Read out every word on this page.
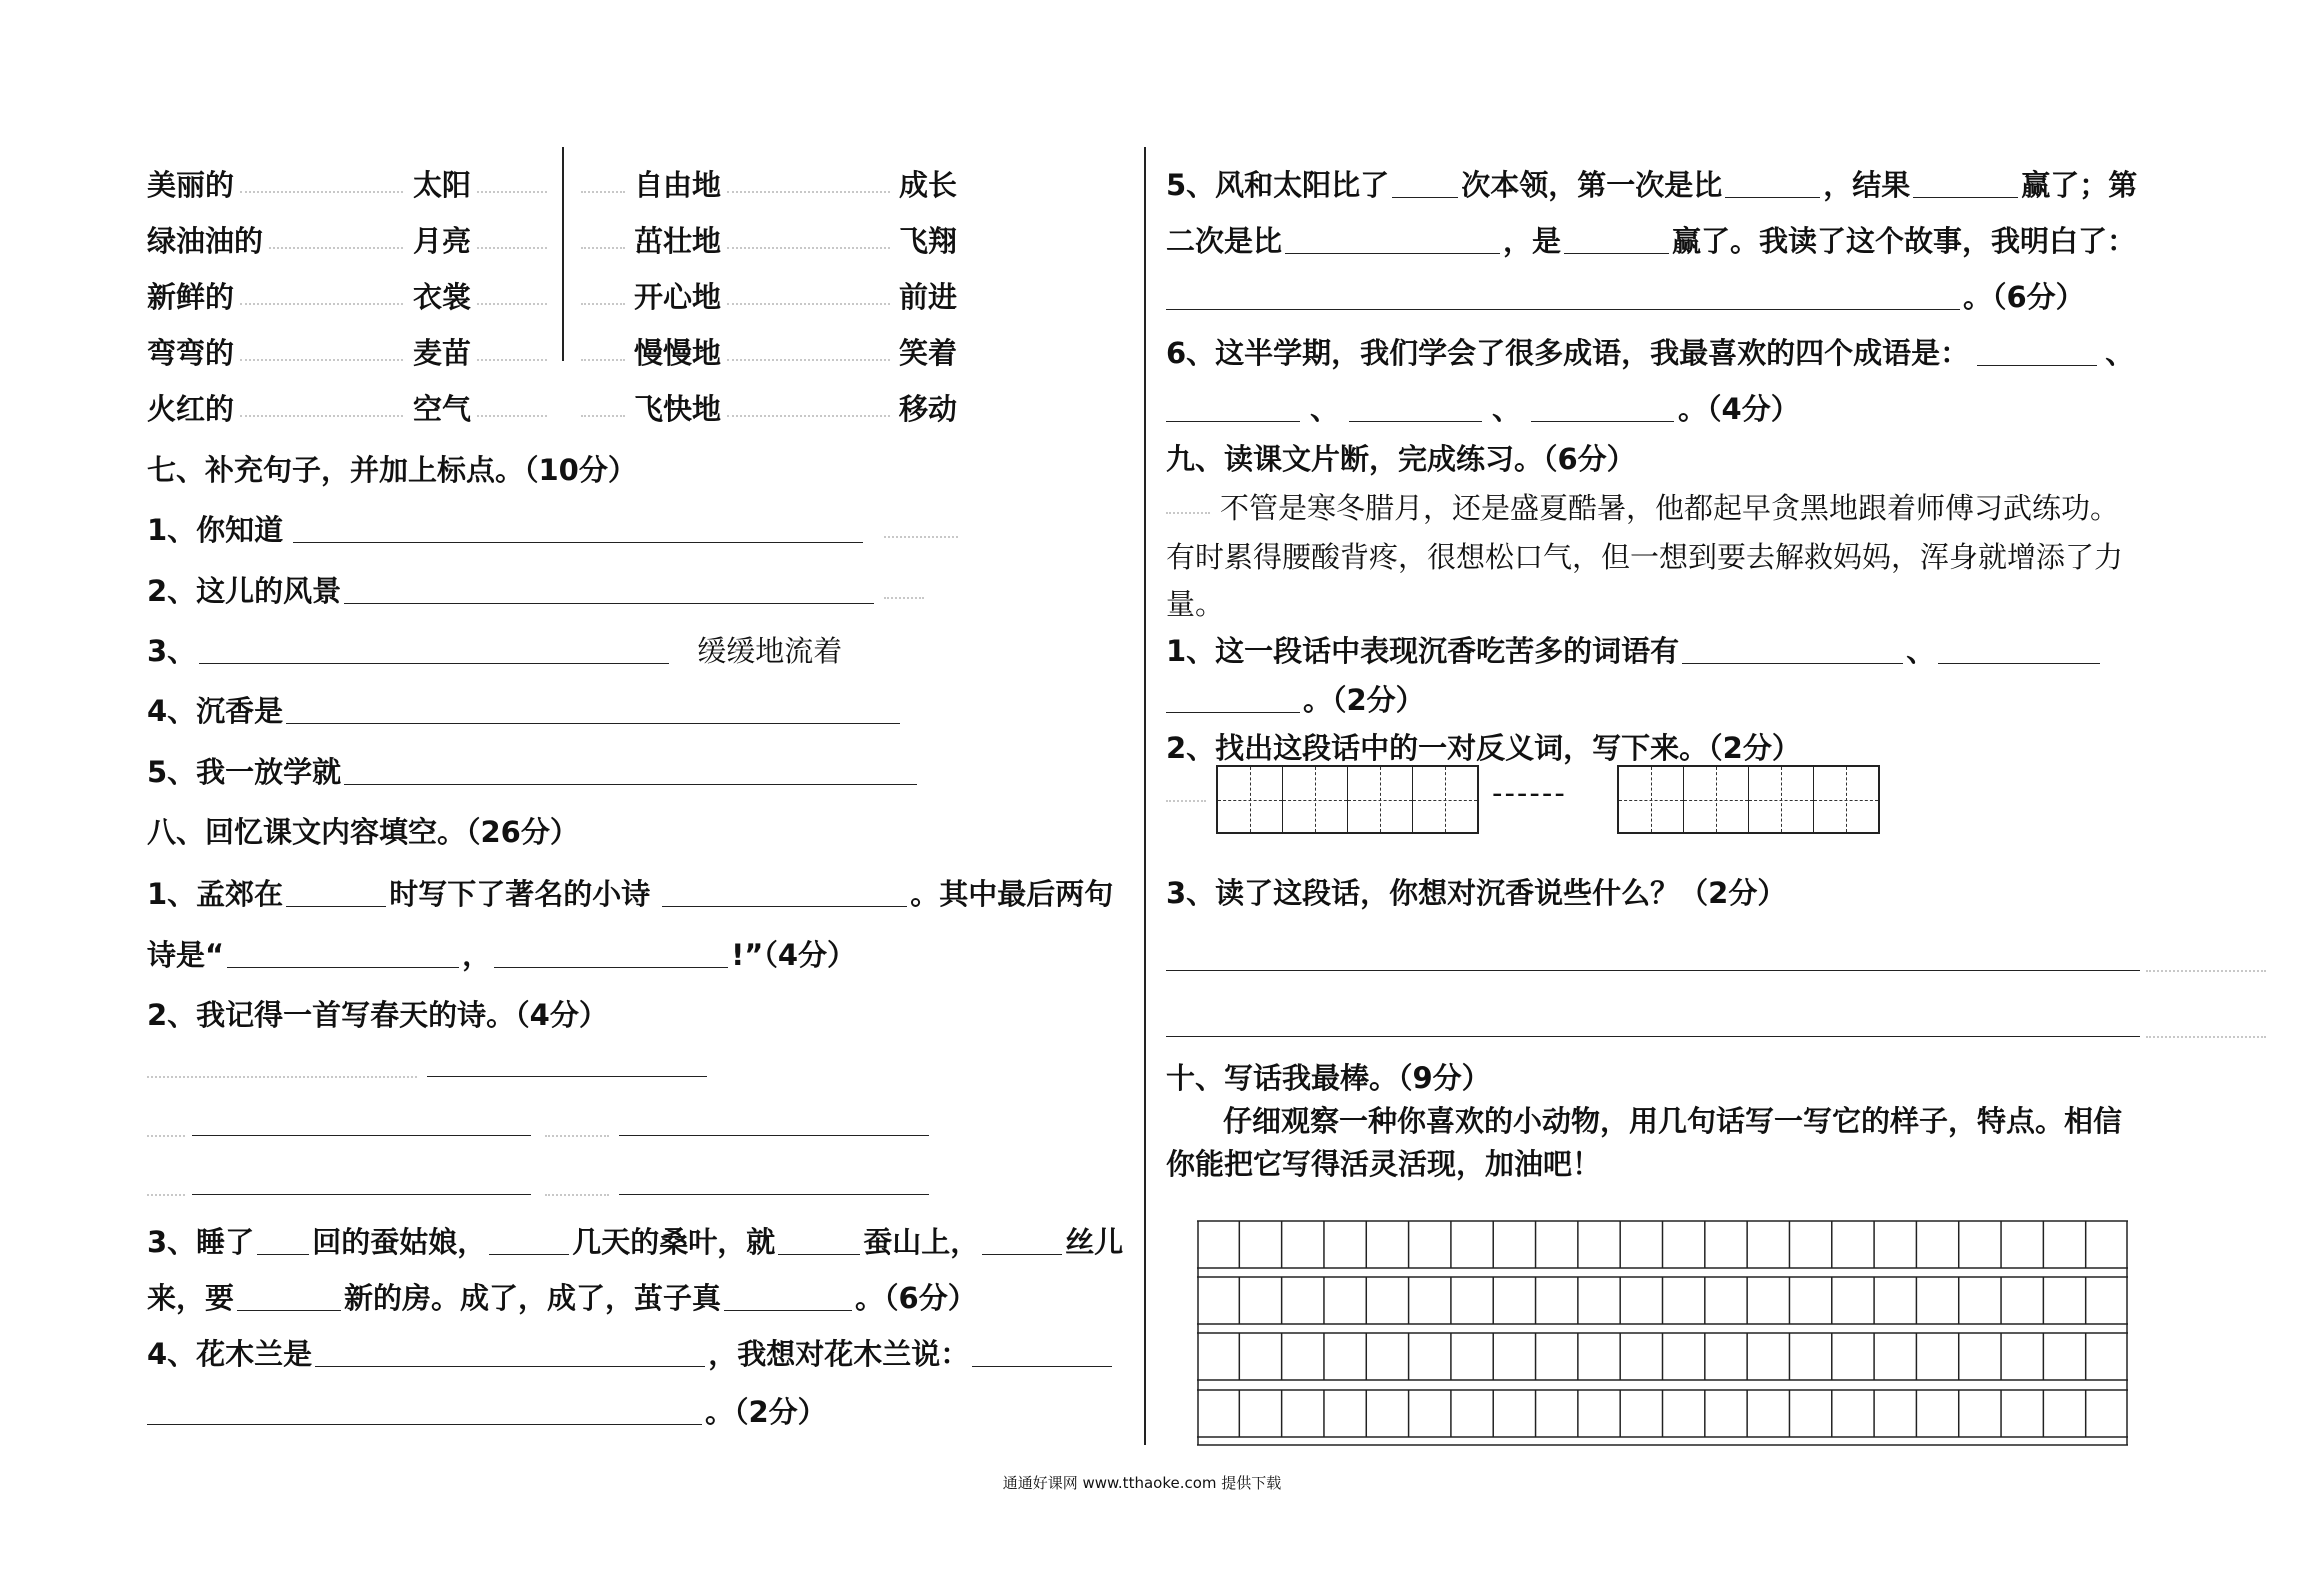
美丽的	太阳	自由地	成长
绿油油的	月亮	茁壮地	飞翔
新鲜的	衣裳	开心地	前进
弯弯的	麦苗	慢慢地	笑着
火红的	空气	飞快地	移动
七、补充句子，并加上标点。（10分）
1、你知道
2、这儿的风景
3、	缓缓地流着
4、沉香是
5、我一放学就
八、回忆课文内容填空。（26分）
1、孟郊在	时写下了著名的小诗	。其中最后两句
诗是“	，	!”（4分）
2、我记得一首写春天的诗。（4分）
3、睡了 回的蚕姑娘，	几天的桑叶，就	蚕山上，	丝儿
来，要	新的房。成了，成了，茧子真	。（6分）
4、花木兰是	，我想对花木兰说：
。（2分）
5、风和太阳比了 次本领，第一次是比	，结果	赢了；第
二次是比	，是	赢了。我读了这个故事，我明白了：
。（6分）
6、这半学期，我们学会了很多成语，我最喜欢的四个成语是：	、
、	、	。（4分）
九、读课文片断，完成练习。（6分）
不管是寒冬腊月，还是盛夏酷暑，他都起早贪黑地跟着师傅习武练功。
有时累得腰酸背疼，很想松口气，但一想到要去解救妈妈，浑身就增添了力
量。
1、这一段话中表现沉香吃苦多的词语有	、
。（2分）
2、找出这段话中的一对反义词，写下来。（2分）
------
3、读了这段话，你想对沉香说些什么？（2分）
十、写话我最棒。（9分）
仔细观察一种你喜欢的小动物，用几句话写一写它的样子，特点。相信
你能把它写得活灵活现，加油吧！
通通好课网 www.tthaoke.com 提供下载
